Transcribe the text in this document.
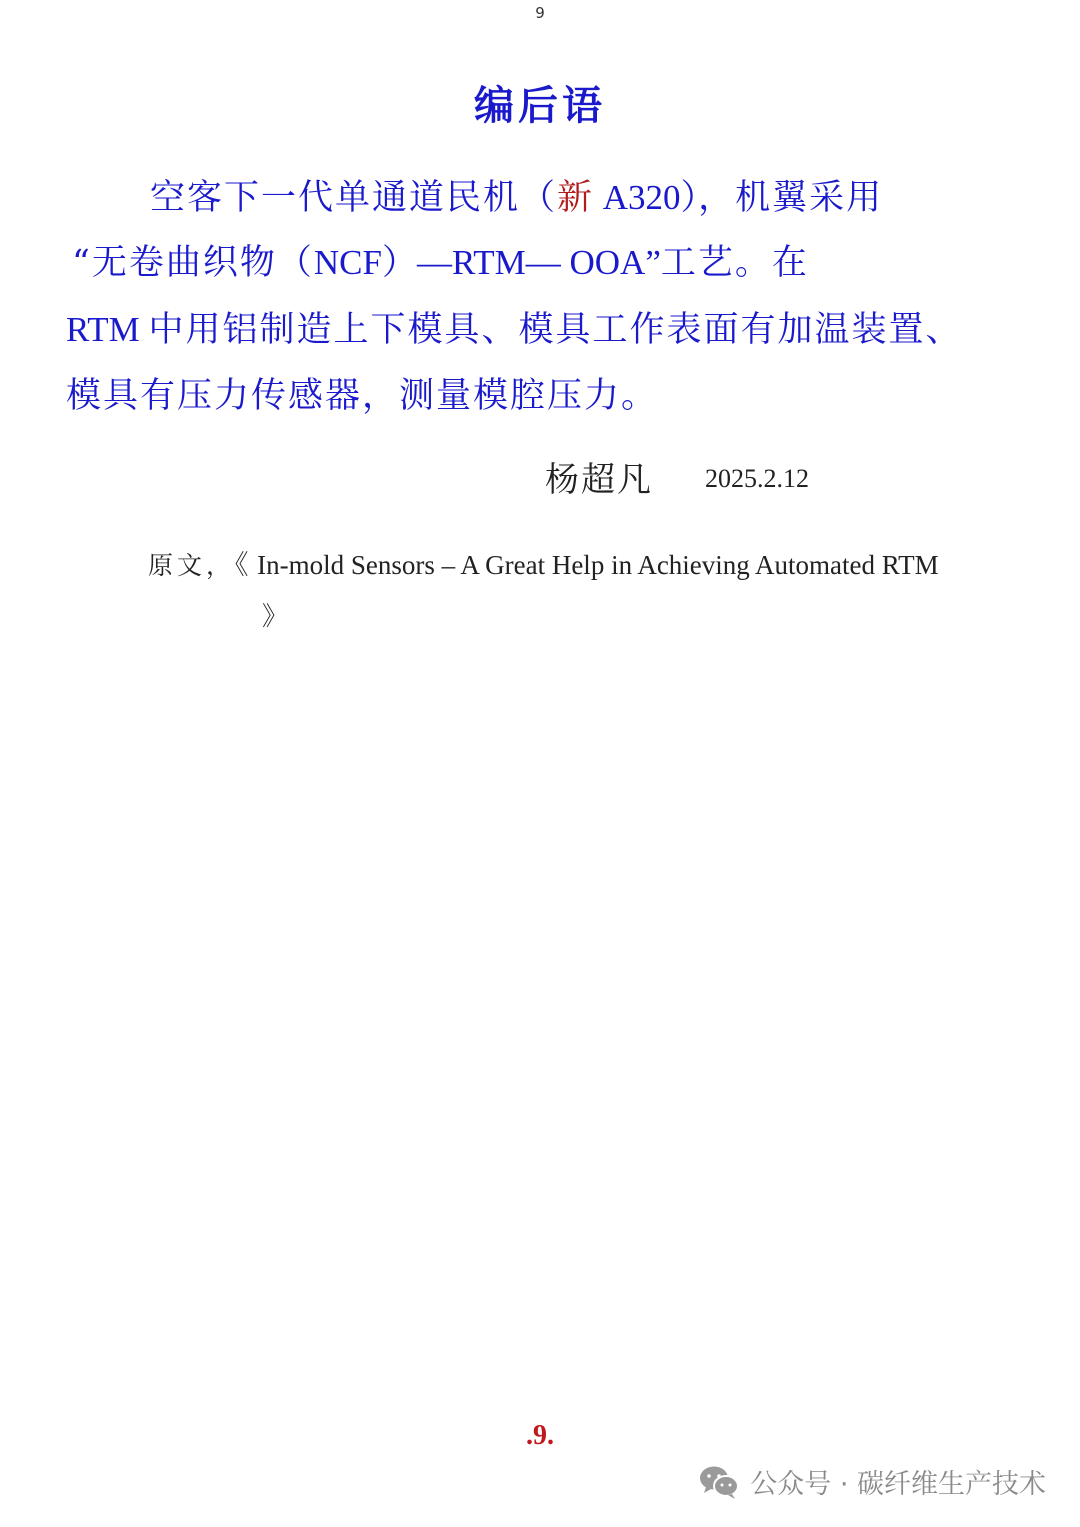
9
编后语
空客下一代单通道民机（新 A320），机翼采用
“无卷曲织物（NCF）—RTM— OOA”工艺。在
RTM 中用铝制造上下模具、模具工作表面有加温装置、
模具有压力传感器，测量模腔压力。
杨超凡 2025.2.12
原文，《 In-mold Sensors – A Great Help in Achieving Automated RTM
》
.9.
公众号 · 碳纤维生产技术
